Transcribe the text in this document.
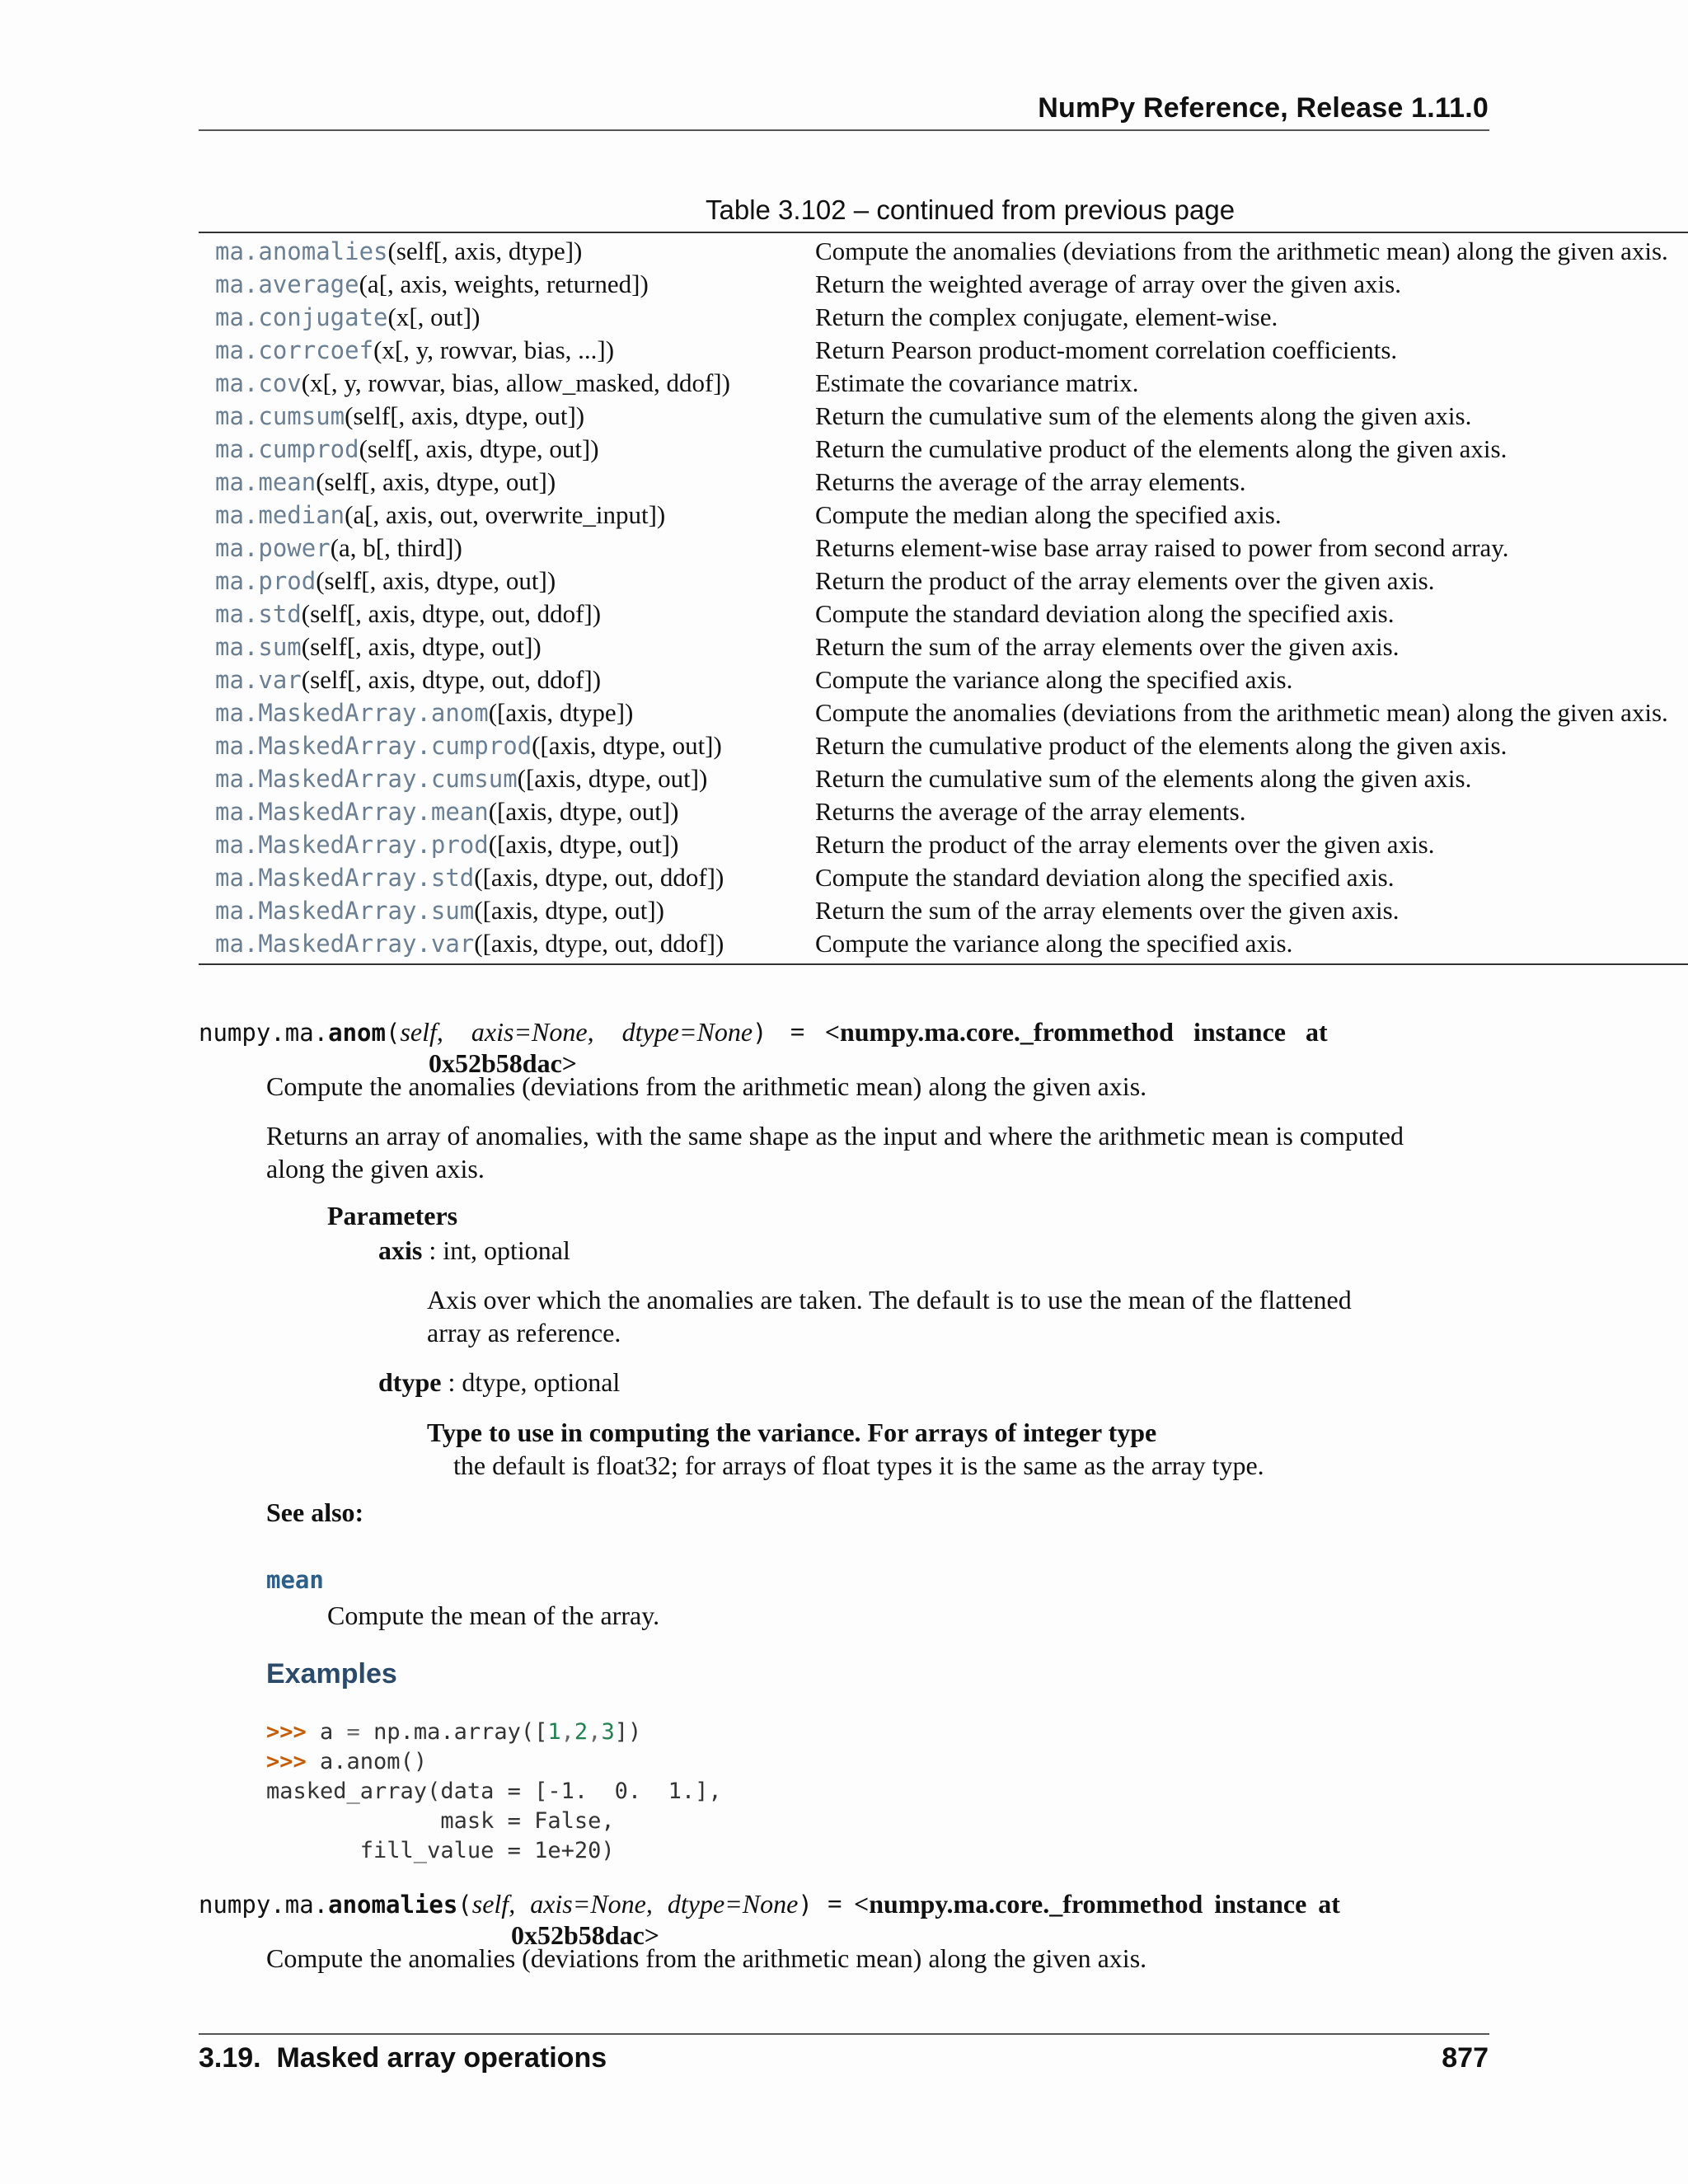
NumPy Reference, Release 1.11.0
Table 3.102 – continued from previous page
ma.anomalies(self[, axis, dtype])	Compute the anomalies (deviations from the arithmetic mean) along the given axis.
ma.average(a[, axis, weights, returned])	Return the weighted average of array over the given axis.
ma.conjugate(x[, out])	Return the complex conjugate, element-wise.
ma.corrcoef(x[, y, rowvar, bias, ...])	Return Pearson product-moment correlation coefficients.
ma.cov(x[, y, rowvar, bias, allow_masked, ddof])	Estimate the covariance matrix.
ma.cumsum(self[, axis, dtype, out])	Return the cumulative sum of the elements along the given axis.
ma.cumprod(self[, axis, dtype, out])	Return the cumulative product of the elements along the given axis.
ma.mean(self[, axis, dtype, out])	Returns the average of the array elements.
ma.median(a[, axis, out, overwrite_input])	Compute the median along the specified axis.
ma.power(a, b[, third])	Returns element-wise base array raised to power from second array.
ma.prod(self[, axis, dtype, out])	Return the product of the array elements over the given axis.
ma.std(self[, axis, dtype, out, ddof])	Compute the standard deviation along the specified axis.
ma.sum(self[, axis, dtype, out])	Return the sum of the array elements over the given axis.
ma.var(self[, axis, dtype, out, ddof])	Compute the variance along the specified axis.
ma.MaskedArray.anom([axis, dtype])	Compute the anomalies (deviations from the arithmetic mean) along the given axis.
ma.MaskedArray.cumprod([axis, dtype, out])	Return the cumulative product of the elements along the given axis.
ma.MaskedArray.cumsum([axis, dtype, out])	Return the cumulative sum of the elements along the given axis.
ma.MaskedArray.mean([axis, dtype, out])	Returns the average of the array elements.
ma.MaskedArray.prod([axis, dtype, out])	Return the product of the array elements over the given axis.
ma.MaskedArray.std([axis, dtype, out, ddof])	Compute the standard deviation along the specified axis.
ma.MaskedArray.sum([axis, dtype, out])	Return the sum of the array elements over the given axis.
ma.MaskedArray.var([axis, dtype, out, ddof])	Compute the variance along the specified axis.
numpy.ma.anom(self, axis=None, dtype=None) = <numpy.ma.core._frommethod instance at
0x52b58dac>
Compute the anomalies (deviations from the arithmetic mean) along the given axis.
Returns an array of anomalies, with the same shape as the input and where the arithmetic mean is computed
along the given axis.
Parameters
axis : int, optional
Axis over which the anomalies are taken. The default is to use the mean of the flattened
array as reference.
dtype : dtype, optional
Type to use in computing the variance. For arrays of integer type
the default is float32; for arrays of float types it is the same as the array type.
See also:
mean
Compute the mean of the array.
Examples
>>> a = np.ma.array([1,2,3])
>>> a.anom()
masked_array(data = [-1.  0.  1.],
mask = False,
fill_value = 1e+20)
numpy.ma.anomalies(self, axis=None, dtype=None) = <numpy.ma.core._frommethod instance at
0x52b58dac>
Compute the anomalies (deviations from the arithmetic mean) along the given axis.
3.19.  Masked array operations	877
